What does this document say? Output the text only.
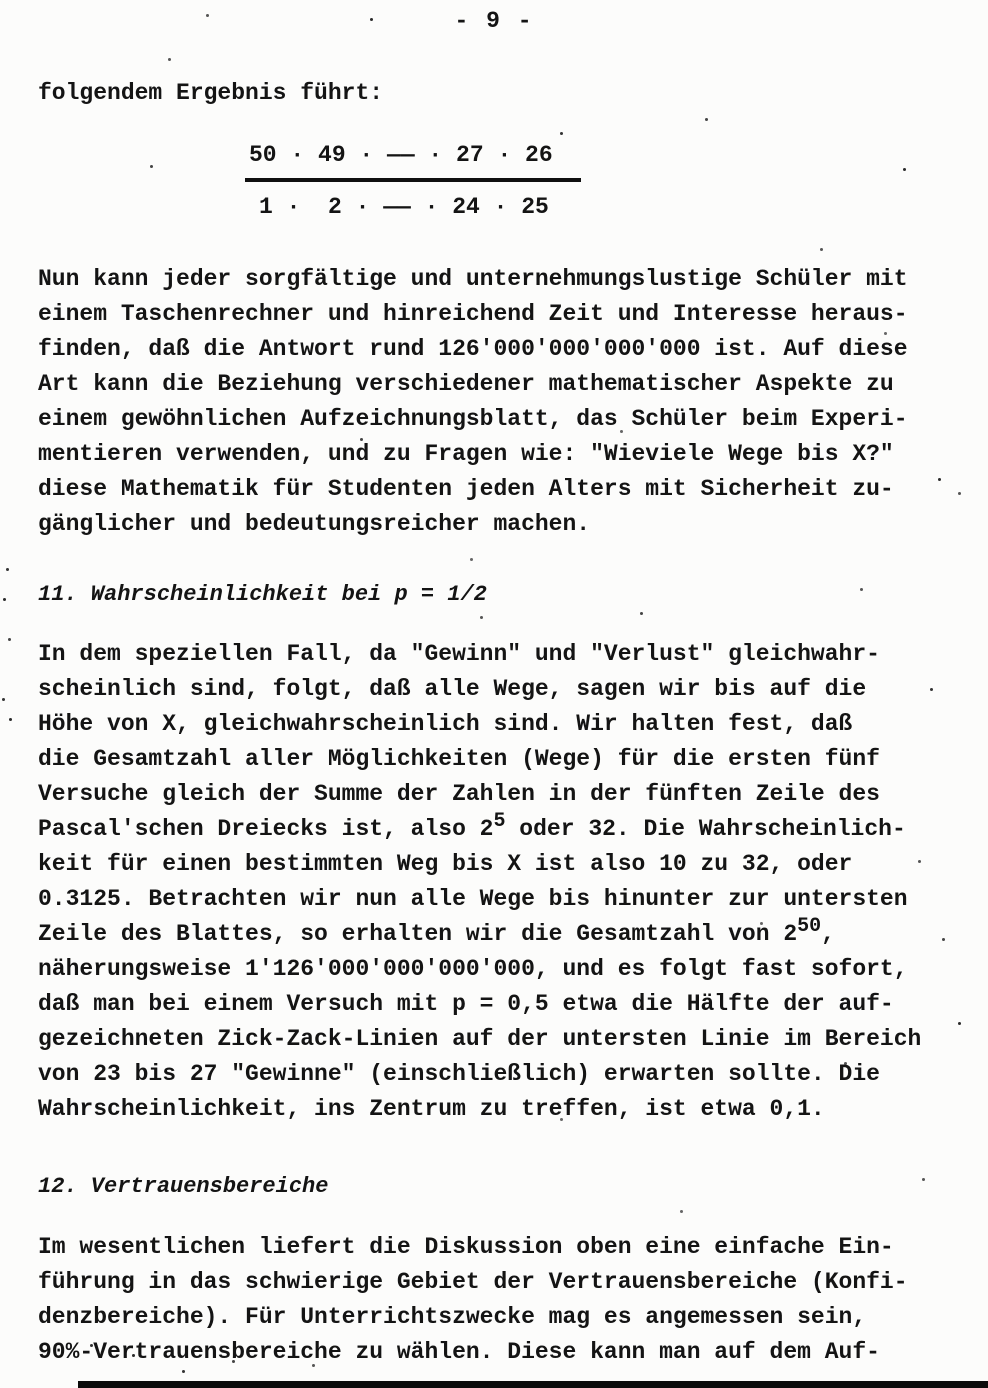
- 9 -
folgendem Ergebnis führt:
50 · 49 · —— · 27 · 26
1 ·  2 · —— · 24 · 25
Nun kann jeder sorgfältige und unternehmungslustige Schüler mit
einem Taschenrechner und hinreichend Zeit und Interesse heraus-
finden, daß die Antwort rund 126'000'000'000'000 ist. Auf diese
Art kann die Beziehung verschiedener mathematischer Aspekte zu
einem gewöhnlichen Aufzeichnungsblatt, das Schüler beim Experi-
mentieren verwenden, und zu Fragen wie: "Wieviele Wege bis X?"
diese Mathematik für Studenten jeden Alters mit Sicherheit zu-
gänglicher und bedeutungsreicher machen.
11. Wahrscheinlichkeit bei p = 1/2
In dem speziellen Fall, da "Gewinn" und "Verlust" gleichwahr-
scheinlich sind, folgt, daß alle Wege, sagen wir bis auf die
Höhe von X, gleichwahrscheinlich sind. Wir halten fest, daß
die Gesamtzahl aller Möglichkeiten (Wege) für die ersten fünf
Versuche gleich der Summe der Zahlen in der fünften Zeile des
Pascal'schen Dreiecks ist, also $2^5$ oder 32. Die Wahrscheinlich-
keit für einen bestimmten Weg bis X ist also 10 zu 32, oder
0.3125. Betrachten wir nun alle Wege bis hinunter zur untersten
Zeile des Blattes, so erhalten wir die Gesamtzahl von $2^{50}$,
näherungsweise 1'126'000'000'000'000, und es folgt fast sofort,
daß man bei einem Versuch mit p = 0,5 etwa die Hälfte der auf-
gezeichneten Zick-Zack-Linien auf der untersten Linie im Bereich
von 23 bis 27 "Gewinne" (einschließlich) erwarten sollte. Die
Wahrscheinlichkeit, ins Zentrum zu treffen, ist etwa 0,1.
12. Vertrauensbereiche
Im wesentlichen liefert die Diskussion oben eine einfache Ein-
führung in das schwierige Gebiet der Vertrauensbereiche (Konfi-
denzbereiche). Für Unterrichtszwecke mag es angemessen sein,
90%-Vertrauensbereiche zu wählen. Diese kann man auf dem Auf-
